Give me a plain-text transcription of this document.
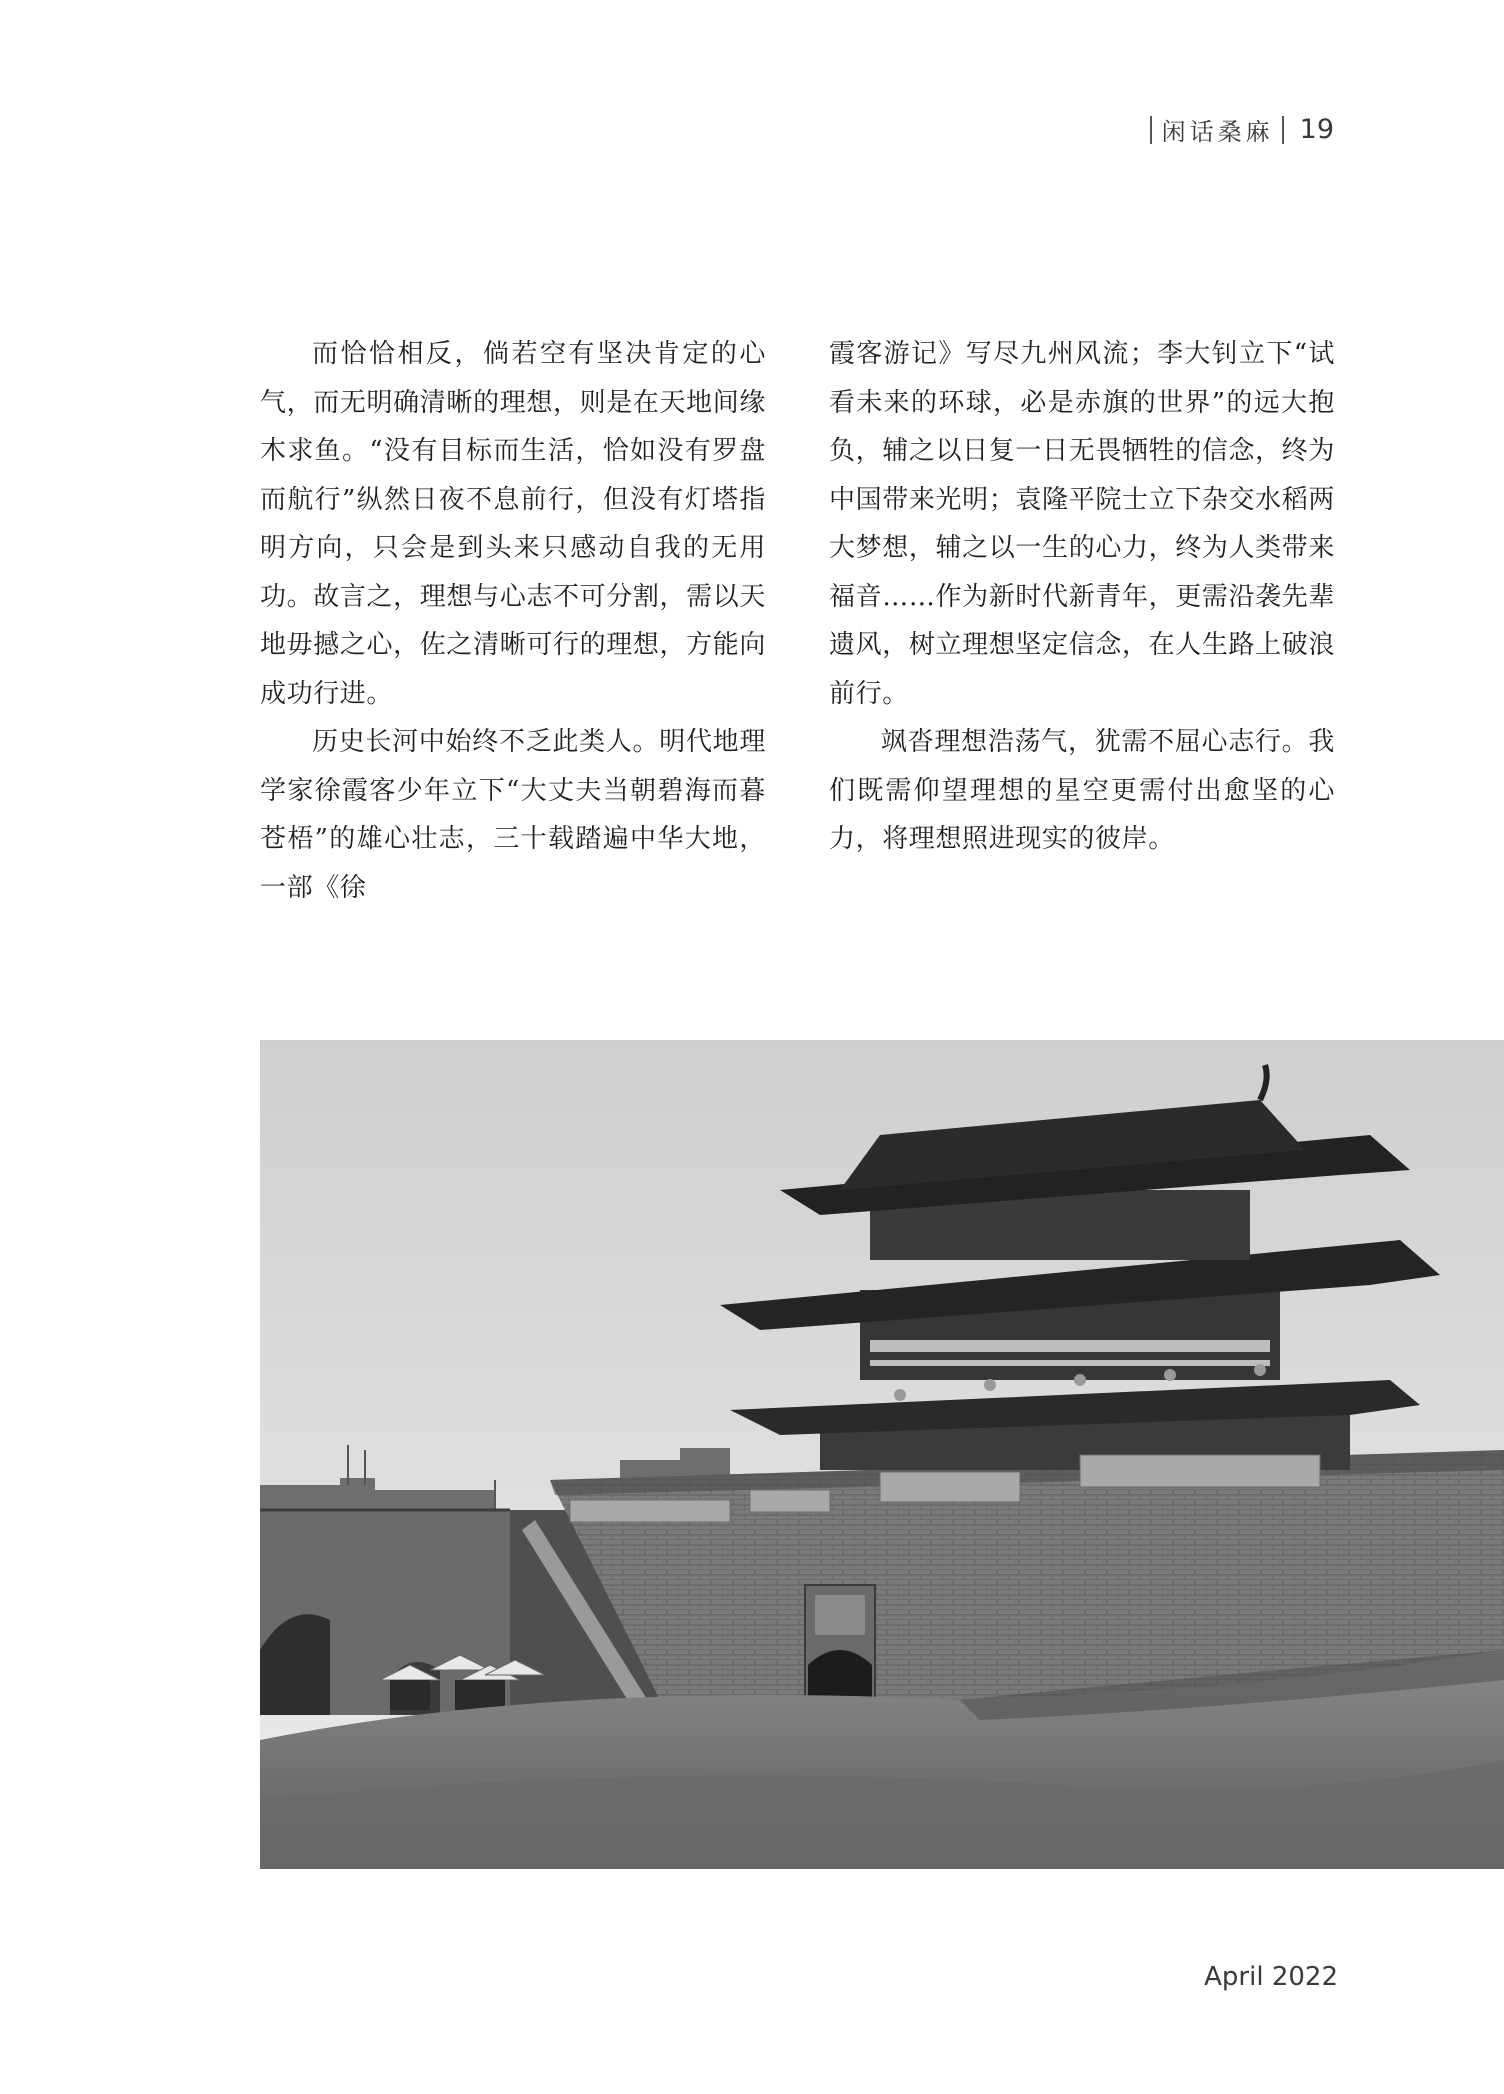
闲话桑麻 19

而恰恰相反，倘若空有坚决肯定的心气，而无明确清晰的理想，则是在天地间缘木求鱼。“没有目标而生活，恰如没有罗盘而航行”纵然日夜不息前行，但没有灯塔指明方向，只会是到头来只感动自我的无用功。故言之，理想与心志不可分割，需以天地毋撼之心，佐之清晰可行的理想，方能向成功行进。

历史长河中始终不乏此类人。明代地理学家徐霞客少年立下“大丈夫当朝碧海而暮苍梧”的雄心壮志，三十载踏遍中华大地，一部《徐

霞客游记》写尽九州风流；李大钊立下“试看未来的环球，必是赤旗的世界”的远大抱负，辅之以日复一日无畏牺牲的信念，终为中国带来光明；袁隆平院士立下杂交水稻两大梦想，辅之以一生的心力，终为人类带来福音……作为新时代新青年，更需沿袭先辈遗风，树立理想坚定信念，在人生路上破浪前行。

飒沓理想浩荡气，犹需不屈心志行。我们既需仰望理想的星空更需付出愈坚的心力，将理想照进现实的彼岸。

April 2022
